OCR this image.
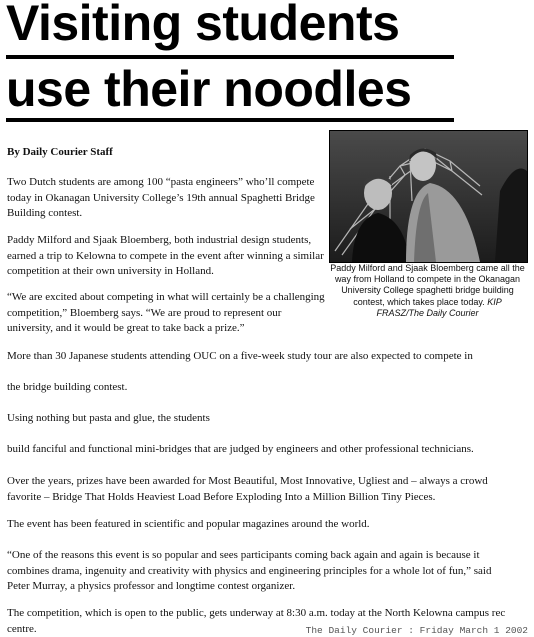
Visiting students
use their noodles
By Daily Courier Staff
Two Dutch students are among 100 “pasta engineers” who’ll compete today in Okanagan University College’s 19th annual Spaghetti Bridge Building contest.
Paddy Milford and Sjaak Bloemberg, both industrial design students, earned a trip to Kelowna to compete in the event after winning a similar competition at their own university in Holland.
“We are excited about competing in what will certainly be a challenging competition,” Bloemberg says. “We are proud to represent our university, and it would be great to take back a prize.”
Paddy Milford and Sjaak Bloemberg came all the way from Holland to compete in the Okanagan University College spaghetti bridge building contest, which takes place today. KIP FRASZ/The Daily Courier
More than 30 Japanese students attending OUC on a five-week study tour are also expected to compete in
the bridge building contest.
Using nothing but pasta and glue, the students
build fanciful and functional mini-bridges that are judged by engineers and other professional technicians.
Over the years, prizes have been awarded for Most Beautiful, Most Innovative, Ugliest and – always a crowd favorite – Bridge That Holds Heaviest Load Before Exploding Into a Million Billion Tiny Pieces.
The event has been featured in scientific and popular magazines around the world.
“One of the reasons this event is so popular and sees participants coming back again and again is because it combines drama, ingenuity and creativity with physics and engineering principles for a whole lot of fun,” said Peter Murray, a physics professor and longtime contest organizer.
The competition, which is open to the public, gets underway at 8:30 a.m. today at the North Kelowna campus rec centre.	The Daily Courier : Friday March 1 2002
